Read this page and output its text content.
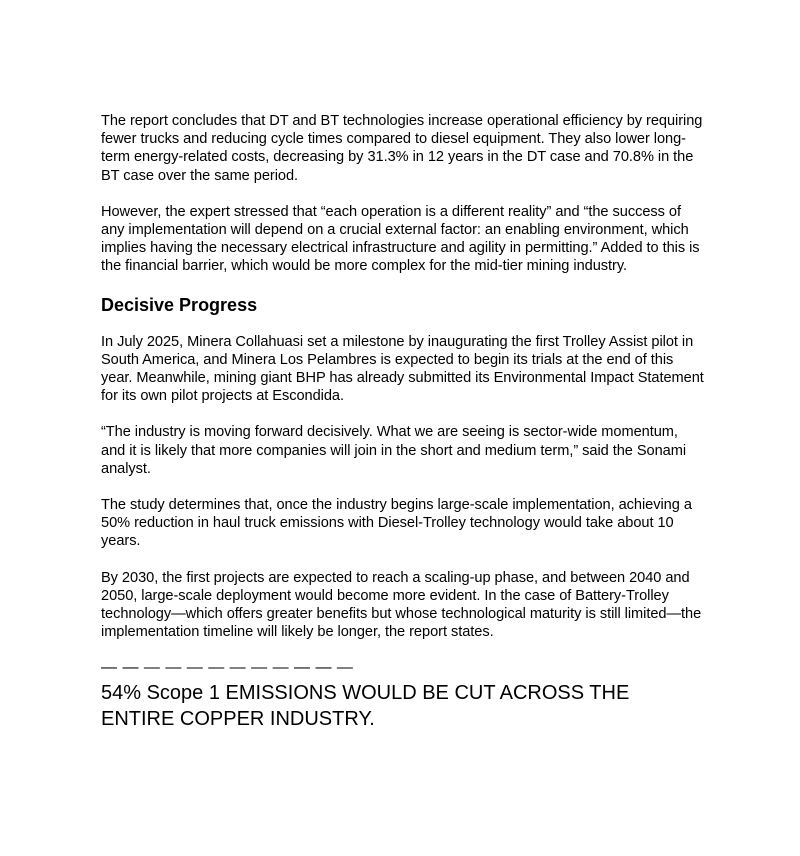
The report concludes that DT and BT technologies increase operational efficiency by requiring fewer trucks and reducing cycle times compared to diesel equipment. They also lower long-term energy-related costs, decreasing by 31.3% in 12 years in the DT case and 70.8% in the BT case over the same period.

However, the expert stressed that “each operation is a different reality” and “the success of any implementation will depend on a crucial external factor: an enabling environment, which implies having the necessary electrical infrastructure and agility in permitting.” Added to this is the financial barrier, which would be more complex for the mid-tier mining industry.

Decisive Progress

In July 2025, Minera Collahuasi set a milestone by inaugurating the first Trolley Assist pilot in South America, and Minera Los Pelambres is expected to begin its trials at the end of this year. Meanwhile, mining giant BHP has already submitted its Environmental Impact Statement for its own pilot projects at Escondida.

“The industry is moving forward decisively. What we are seeing is sector-wide momentum, and it is likely that more companies will join in the short and medium term,” said the Sonami analyst.

The study determines that, once the industry begins large-scale implementation, achieving a 50% reduction in haul truck emissions with Diesel-Trolley technology would take about 10 years.

By 2030, the first projects are expected to reach a scaling-up phase, and between 2040 and 2050, large-scale deployment would become more evident. In the case of Battery-Trolley technology—which offers greater benefits but whose technological maturity is still limited—the implementation timeline will likely be longer, the report states.

— — — — — — — — — — — —
54% Scope 1 EMISSIONS WOULD BE CUT ACROSS THE ENTIRE COPPER INDUSTRY.
